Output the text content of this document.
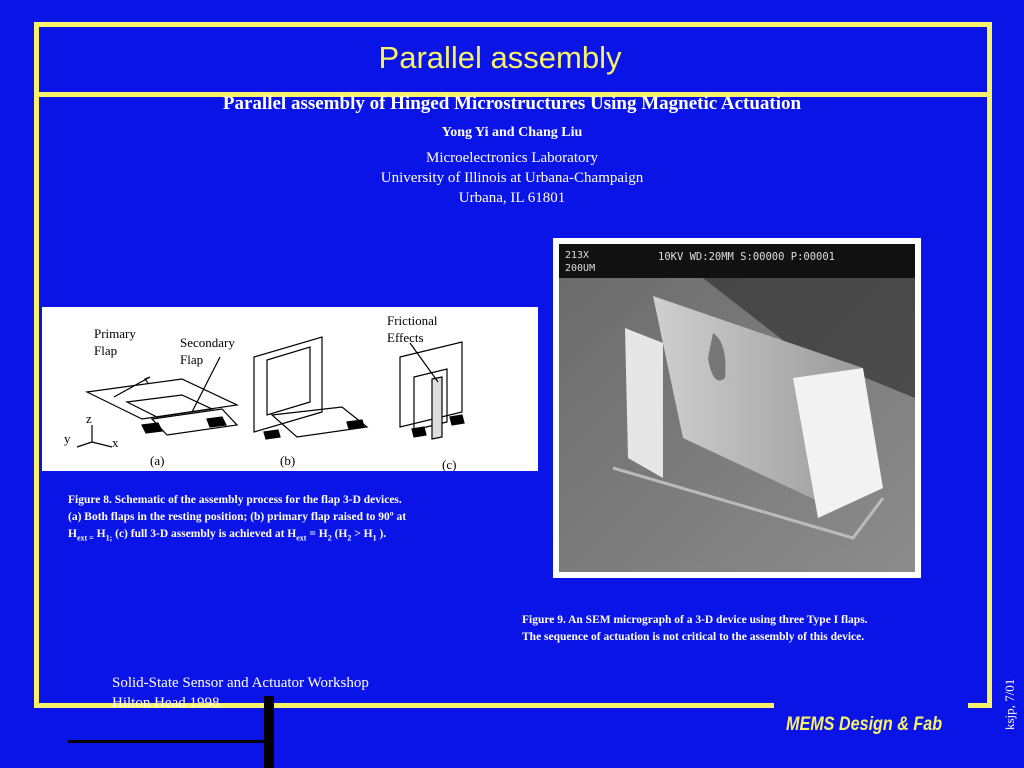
Parallel assembly
Parallel assembly of Hinged Microstructures Using Magnetic Actuation
Yong Yi and Chang Liu
Microelectronics Laboratory
University of Illinois at Urbana-Champaign
Urbana, IL 61801
Primary
Flap
Secondary
Flap
Frictional
Effects
z
y	x
(a)	(b)	(c)
Figure 8. Schematic of the assembly process for the flap 3-D devices.
(a) Both flaps in the resting position; (b) primary flap raised to 90º at
$H_{ext =}$ $H_{1;}$ (c) full 3-D assembly is achieved at $H_{ext} = H_2$ ($H_2 > H_1$ ).
213X
200UM
10KV WD:20MM S:00000 P:00001
Figure 9. An SEM micrograph of a 3-D device using three Type I flaps.
The sequence of actuation is not critical to the assembly of this device.
Solid-State Sensor and Actuator Workshop
Hilton Head 1998
MEMS Design & Fab	ksjp, 7/01
